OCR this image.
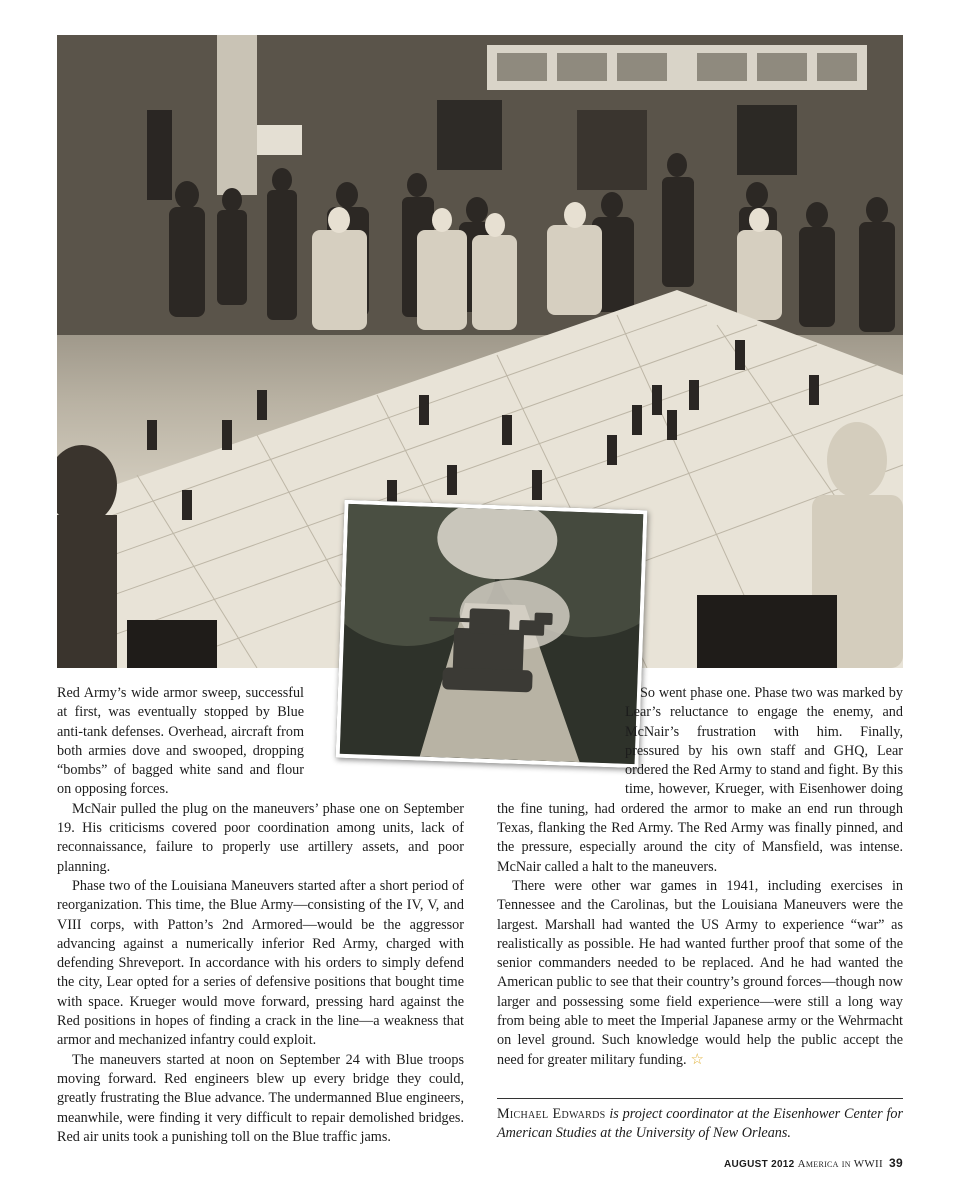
Red Army’s wide armor sweep, successful at first, was eventually stopped by Blue anti-tank defenses. Overhead, aircraft from both armies dove and swooped, dropping “bombs” of bagged white sand and flour on opposing forces.

McNair pulled the plug on the maneuvers’ phase one on September 19. His criticisms covered poor coordination among units, lack of reconnaissance, failure to properly use artillery assets, and poor planning.

Phase two of the Louisiana Maneuvers started after a short period of reorganization. This time, the Blue Army—consisting of the IV, V, and VIII corps, with Patton’s 2nd Armored—would be the aggressor advancing against a numerically inferior Red Army, charged with defending Shreveport. In accordance with his orders to simply defend the city, Lear opted for a series of defensive positions that bought time with space. Krueger would move forward, pressing hard against the Red positions in hopes of finding a crack in the line—a weakness that armor and mechanized infantry could exploit.

The maneuvers started at noon on September 24 with Blue troops moving forward. Red engineers blew up every bridge they could, greatly frustrating the Blue advance. The undermanned Blue engineers, meanwhile, were finding it very difficult to repair demolished bridges. Red air units took a punishing toll on the Blue traffic jams.

So went phase one. Phase two was marked by Lear’s reluctance to engage the enemy, and McNair’s frustration with him. Finally, pressured by his own staff and GHQ, Lear ordered the Red Army to stand and fight. By this time, however, Krueger, with Eisenhower doing the fine tuning, had ordered the armor to make an end run through Texas, flanking the Red Army. The Red Army was finally pinned, and the pressure, especially around the city of Mansfield, was intense. McNair called a halt to the maneuvers.

There were other war games in 1941, including exercises in Tennessee and the Carolinas, but the Louisiana Maneuvers were the largest. Marshall had wanted the US Army to experience “war” as realistically as possible. He had wanted further proof that some of the senior commanders needed to be replaced. And he had wanted the American public to see that their country’s ground forces—though now larger and possessing some field experience—were still a long way from being able to meet the Imperial Japanese army or the Wehrmacht on level ground. Such knowledge would help the public accept the need for greater military funding. ☆

Michael Edwards is project coordinator at the Eisenhower Center for American Studies at the University of New Orleans.
AUGUST 2012 America in WWII 39
